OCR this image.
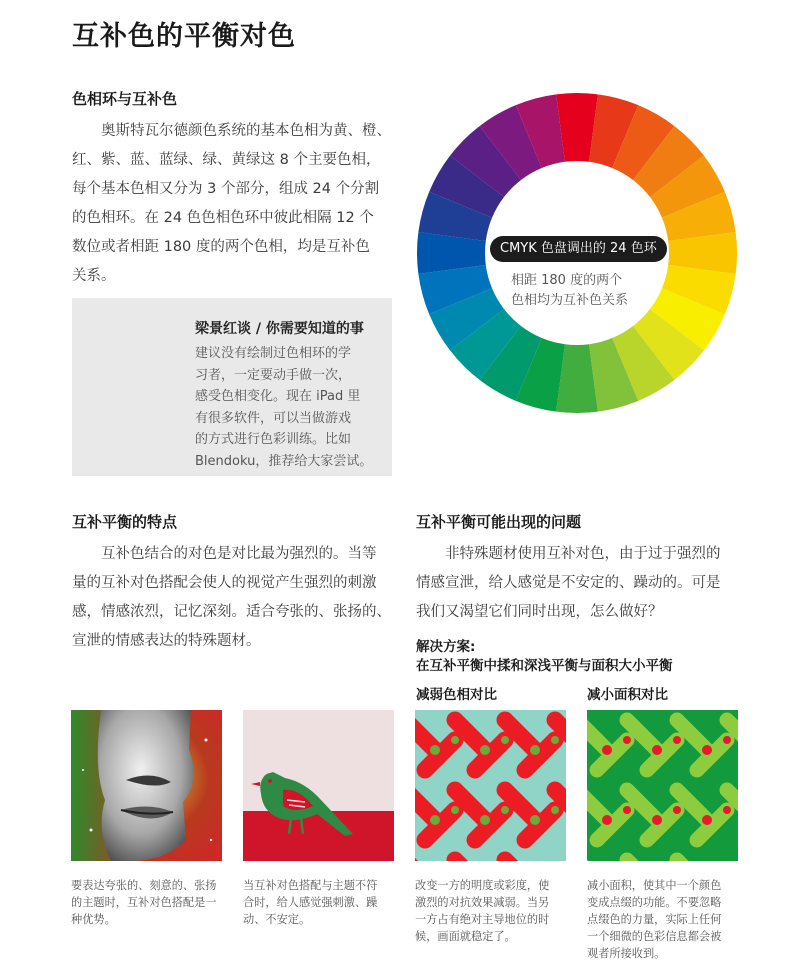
互补色的平衡对色
色相环与互补色

奥斯特瓦尔德颜色系统的基本色相为黄、橙、
红、紫、蓝、蓝绿、绿、黄绿这 8 个主要色相，
每个基本色相又分为 3 个部分，组成 24 个分割
的色相环。在 24 色色相色环中彼此相隔 12 个
数位或者相距 180 度的两个色相，均是互补色
关系。

梁景红谈 / 你需要知道的事
建议没有绘制过色相环的学
习者，一定要动手做一次，
感受色相变化。现在 iPad 里
有很多软件，可以当做游戏
的方式进行色彩训练。比如
Blendoku，推荐给大家尝试。
CMYK 色盘调出的 24 色环
相距 180 度的两个
色相均为互补色关系
互补平衡的特点

互补色结合的对色是对比最为强烈的。当等
量的互补对色搭配会使人的视觉产生强烈的刺激
感，情感浓烈，记忆深刻。适合夸张的、张扬的、
宣泄的情感表达的特殊题材。

互补平衡可能出现的问题

非特殊题材使用互补对色，由于过于强烈的
情感宣泄，给人感觉是不安定的、躁动的。可是
我们又渴望它们同时出现，怎么做好？

解决方案:
在互补平衡中揉和深浅平衡与面积大小平衡
减弱色相对比	减小面积对比
要表达夸张的、刻意的、张扬
的主题时，互补对色搭配是一
种优势。
当互补对色搭配与主题不符
合时，给人感觉强刺激、躁
动、不安定。
改变一方的明度或彩度，使
激烈的对抗效果减弱。当另
一方占有绝对主导地位的时
候，画面就稳定了。
减小面积，使其中一个颜色
变成点缀的功能。不要忽略
点缀色的力量，实际上任何
一个细微的色彩信息都会被
观者所接收到。
